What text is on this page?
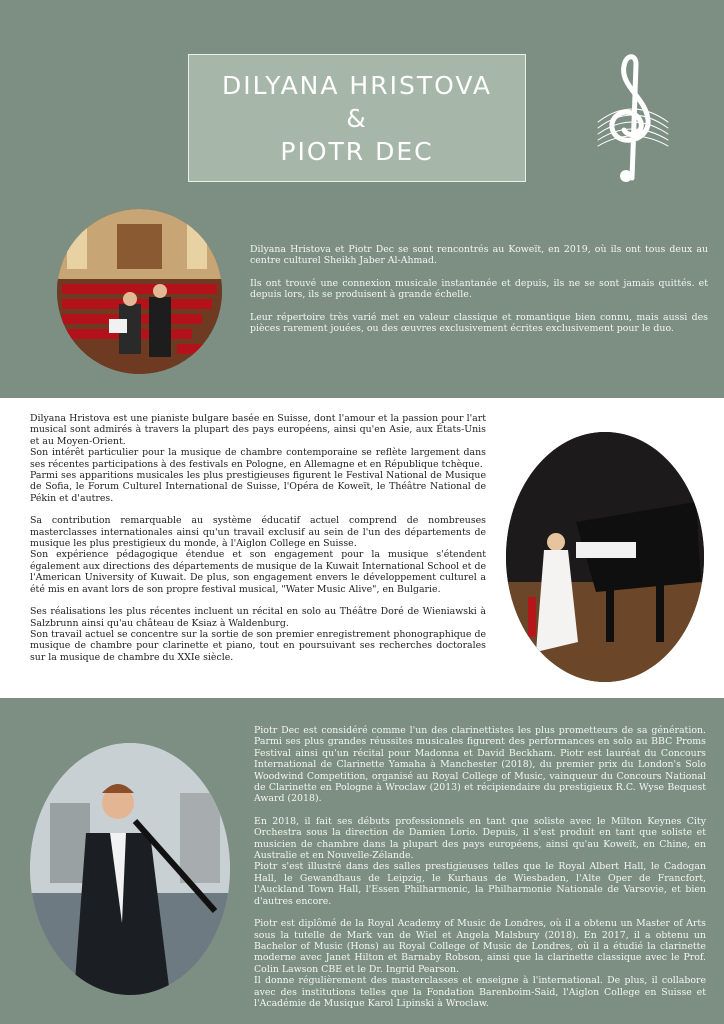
DILYANA HRISTOVA
&
PIOTR DEC

Dilyana Hristova et Piotr Dec se sont rencontrés au Koweït, en 2019, où ils ont tous deux au centre culturel Sheikh Jaber Al-Ahmad.

Ils ont trouvé une connexion musicale instantanée et depuis, ils ne se sont jamais quittés. et depuis lors, ils se produisent à grande échelle.

Leur répertoire très varié met en valeur classique et romantique bien connu, mais aussi des pièces rarement jouées, ou des œuvres exclusivement écrites exclusivement pour le duo.

Dilyana Hristova est une pianiste bulgare basée en Suisse, dont l'amour et la passion pour l'art musical sont admirés à travers la plupart des pays européens, ainsi qu'en Asie, aux États-Unis et au Moyen-Orient.

Son intérêt particulier pour la musique de chambre contemporaine se reflète largement dans ses récentes participations à des festivals en Pologne, en Allemagne et en République tchèque.

Parmi ses apparitions musicales les plus prestigieuses figurent le Festival National de Musique de Sofia, le Forum Culturel International de Suisse, l'Opéra de Koweït, le Théâtre National de Pékin et d'autres.

Sa contribution remarquable au système éducatif actuel comprend de nombreuses masterclasses internationales ainsi qu'un travail exclusif au sein de l'un des départements de musique les plus prestigieux du monde, à l'Aiglon College en Suisse.

Son expérience pédagogique étendue et son engagement pour la musique s'étendent également aux directions des départements de musique de la Kuwait International School et de l'American University of Kuwait. De plus, son engagement envers le développement culturel a été mis en avant lors de son propre festival musical, "Water Music Alive", en Bulgarie.

Ses réalisations les plus récentes incluent un récital en solo au Théâtre Doré de Wieniawski à Salzbrunn ainsi qu'au château de Ksiaz à Waldenburg.

Son travail actuel se concentre sur la sortie de son premier enregistrement phonographique de musique de chambre pour clarinette et piano, tout en poursuivant ses recherches doctorales sur la musique de chambre du XXIe siècle.

Piotr Dec est considéré comme l'un des clarinettistes les plus prometteurs de sa génération. Parmi ses plus grandes réussites musicales figurent des performances en solo au BBC Proms Festival ainsi qu'un récital pour Madonna et David Beckham. Piotr est lauréat du Concours International de Clarinette Yamaha à Manchester (2018), du premier prix du London's Solo Woodwind Competition, organisé au Royal College of Music, vainqueur du Concours National de Clarinette en Pologne à Wroclaw (2013) et récipiendaire du prestigieux R.C. Wyse Bequest Award (2018).

En 2018, il fait ses débuts professionnels en tant que soliste avec le Milton Keynes City Orchestra sous la direction de Damien Lorio. Depuis, il s'est produit en tant que soliste et musicien de chambre dans la plupart des pays européens, ainsi qu'au Koweït, en Chine, en Australie et en Nouvelle-Zélande.

Piotr s'est illustré dans des salles prestigieuses telles que le Royal Albert Hall, le Cadogan Hall, le Gewandhaus de Leipzig, le Kurhaus de Wiesbaden, l'Alte Oper de Francfort, l'Auckland Town Hall, l'Essen Philharmonic, la Philharmonie Nationale de Varsovie, et bien d'autres encore.

Piotr est diplômé de la Royal Academy of Music de Londres, où il a obtenu un Master of Arts sous la tutelle de Mark van de Wiel et Angela Malsbury (2018). En 2017, il a obtenu un Bachelor of Music (Hons) au Royal College of Music de Londres, où il a étudié la clarinette moderne avec Janet Hilton et Barnaby Robson, ainsi que la clarinette classique avec le Prof. Colin Lawson CBE et le Dr. Ingrid Pearson.

Il donne régulièrement des masterclasses et enseigne à l'international. De plus, il collabore avec des institutions telles que la Fondation Barenboim-Said, l'Aiglon College en Suisse et l'Académie de Musique Karol Lipinski à Wroclaw.
